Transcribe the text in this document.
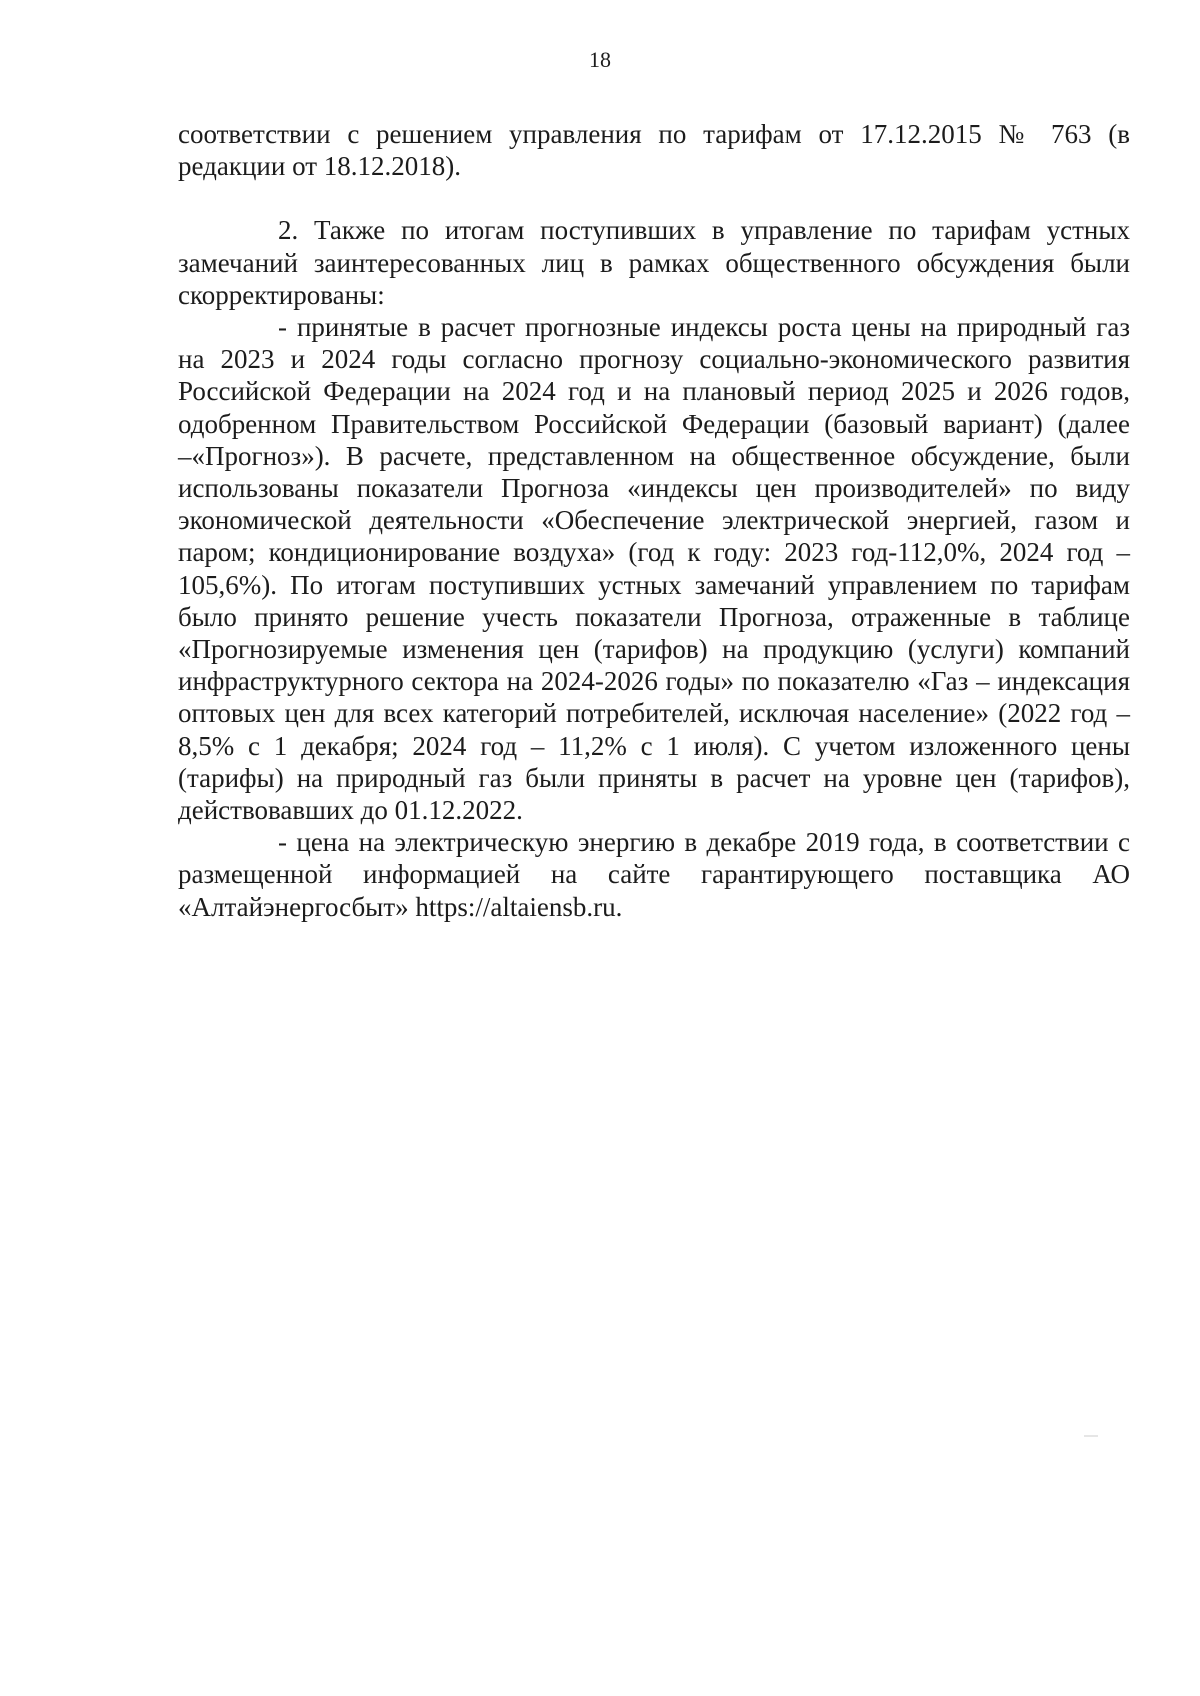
18

соответствии с решением управления по тарифам от 17.12.2015 № 763 (в редакции от 18.12.2018).

2. Также по итогам поступивших в управление по тарифам устных замечаний заинтересованных лиц в рамках общественного обсуждения были скорректированы:

- принятые в расчет прогнозные индексы роста цены на природный газ на 2023 и 2024 годы согласно прогнозу социально-экономического развития Российской Федерации на 2024 год и на плановый период 2025 и 2026 годов, одобренном Правительством Российской Федерации (базовый вариант) (далее –«Прогноз»). В расчете, представленном на общественное обсуждение, были использованы показатели Прогноза «индексы цен производителей» по виду экономической деятельности «Обеспечение электрической энергией, газом и паром; кондиционирование воздуха» (год к году: 2023 год-112,0%, 2024 год – 105,6%). По итогам поступивших устных замечаний управлением по тарифам было принято решение учесть показатели Прогноза, отраженные в таблице «Прогнозируемые изменения цен (тарифов) на продукцию (услуги) компаний инфраструктурного сектора на 2024-2026 годы» по показателю «Газ – индексация оптовых цен для всех категорий потребителей, исключая население» (2022 год – 8,5% с 1 декабря; 2024 год – 11,2% с 1 июля). С учетом изложенного цены (тарифы) на природный газ были приняты в расчет на уровне цен (тарифов), действовавших до 01.12.2022.

- цена на электрическую энергию в декабре 2019 года, в соответствии с размещенной информацией на сайте гарантирующего поставщика АО «Алтайэнергосбыт» https://altaiensb.ru.
